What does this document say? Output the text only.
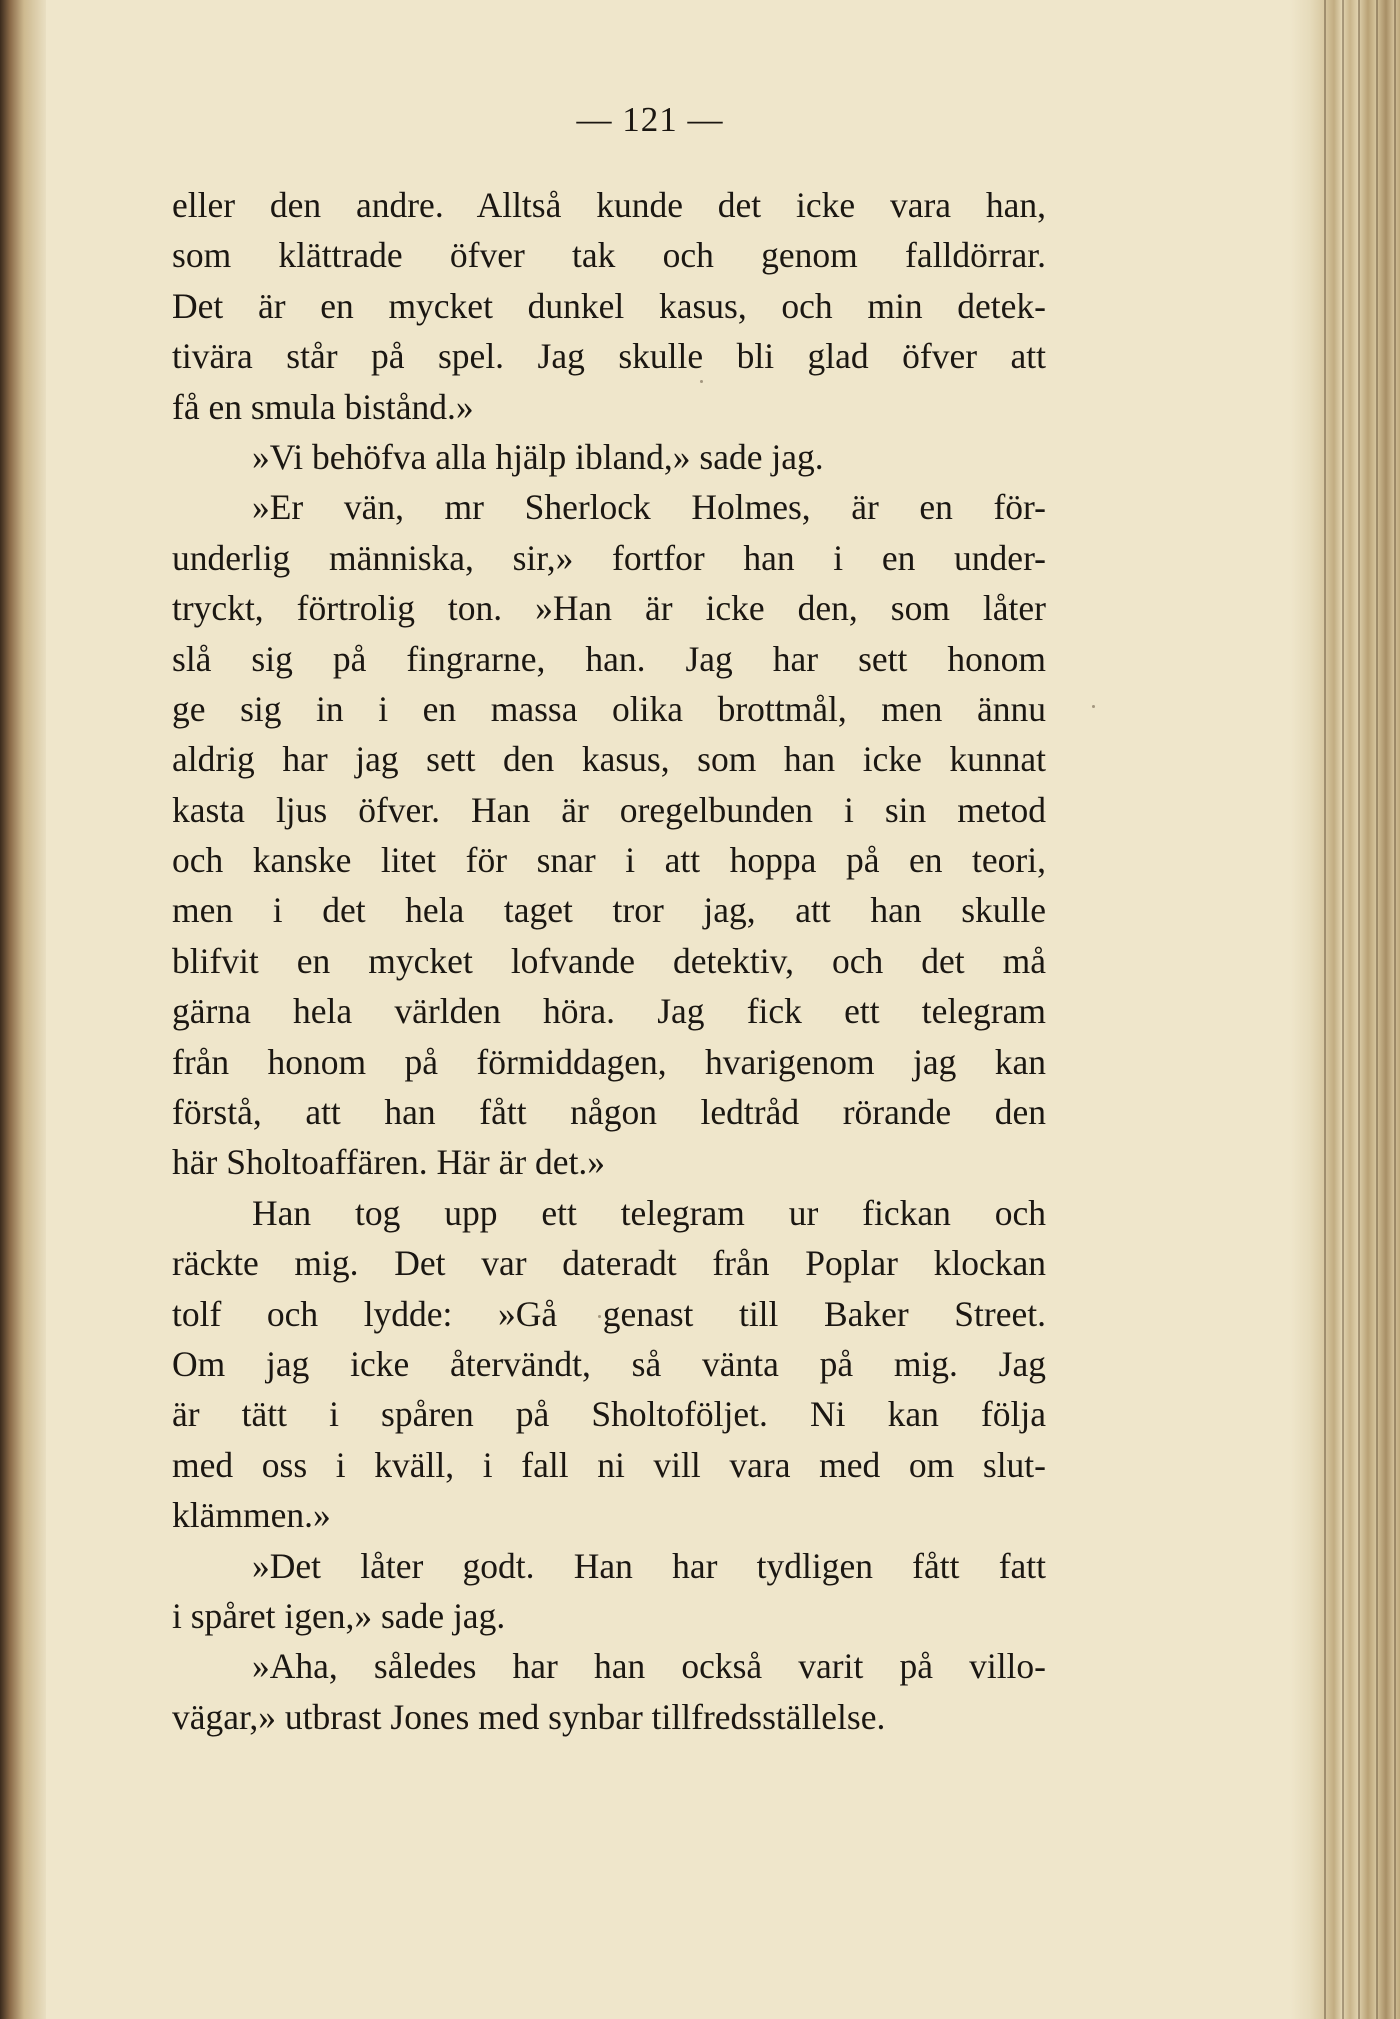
— 121 —
eller den andre. Alltså kunde det icke vara han,
som klättrade öfver tak och genom falldörrar.
Det är en mycket dunkel kasus, och min detek-
tivära står på spel. Jag skulle bli glad öfver att
få en smula bistånd.»
»Vi behöfva alla hjälp ibland,» sade jag.
»Er vän, mr Sherlock Holmes, är en för-
underlig människa, sir,» fortfor han i en under-
tryckt, förtrolig ton. »Han är icke den, som låter
slå sig på fingrarne, han. Jag har sett honom
ge sig in i en massa olika brottmål, men ännu
aldrig har jag sett den kasus, som han icke kunnat
kasta ljus öfver. Han är oregelbunden i sin metod
och kanske litet för snar i att hoppa på en teori,
men i det hela taget tror jag, att han skulle
blifvit en mycket lofvande detektiv, och det må
gärna hela världen höra. Jag fick ett telegram
från honom på förmiddagen, hvarigenom jag kan
förstå, att han fått någon ledtråd rörande den
här Sholtoaffären. Här är det.»
Han tog upp ett telegram ur fickan och
räckte mig. Det var dateradt från Poplar klockan
tolf och lydde: »Gå genast till Baker Street.
Om jag icke återvändt, så vänta på mig. Jag
är tätt i spåren på Sholtoföljet. Ni kan följa
med oss i kväll, i fall ni vill vara med om slut-
klämmen.»
»Det låter godt. Han har tydligen fått fatt
i spåret igen,» sade jag.
»Aha, således har han också varit på villo-
vägar,» utbrast Jones med synbar tillfredsställelse.
